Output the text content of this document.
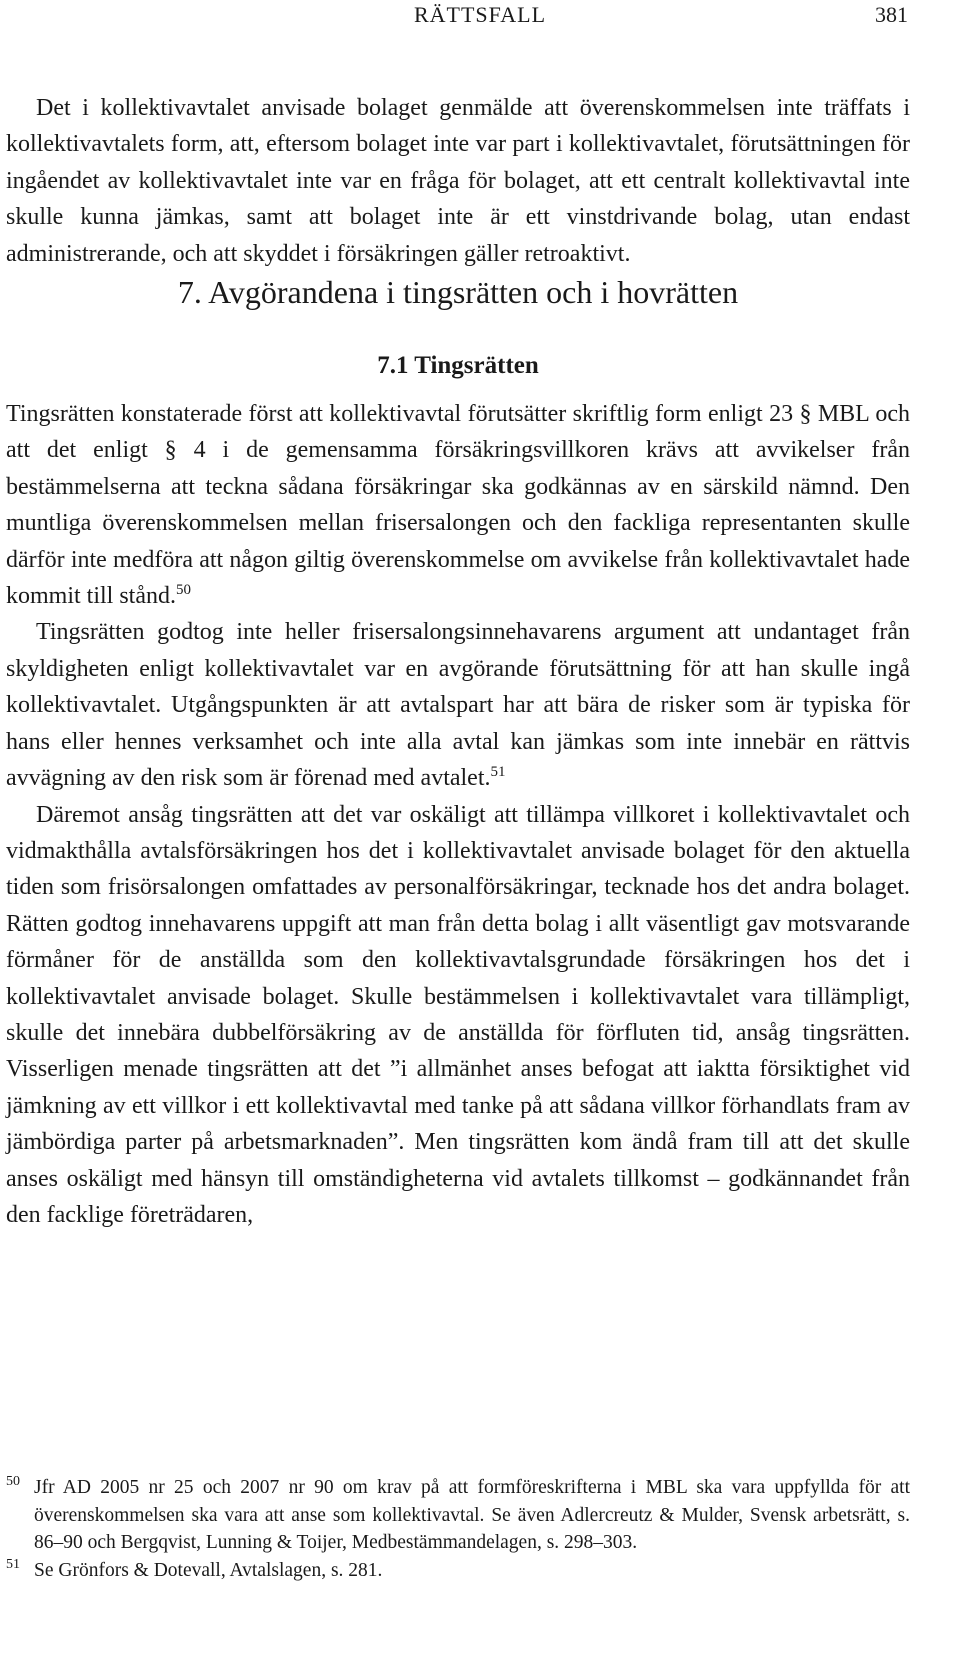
RÄTTSFALL	381

Det i kollektivavtalet anvisade bolaget genmälde att överenskommelsen inte träffats i kollektivavtalets form, att, eftersom bolaget inte var part i kollektivavtalet, förutsättningen för ingåendet av kollektivavtalet inte var en fråga för bolaget, att ett centralt kollektivavtal inte skulle kunna jämkas, samt att bolaget inte är ett vinstdrivande bolag, utan endast administrerande, och att skyddet i försäkringen gäller retroaktivt.

7. Avgörandena i tingsrätten och i hovrätten
7.1 Tingsrätten

Tingsrätten konstaterade först att kollektivavtal förutsätter skriftlig form enligt 23 § MBL och att det enligt § 4 i de gemensamma försäkringsvillkoren krävs att avvikelser från bestämmelserna att teckna sådana försäkringar ska godkännas av en särskild nämnd. Den muntliga överenskommelsen mellan frisersalongen och den fackliga representanten skulle därför inte medföra att någon giltig överenskommelse om avvikelse från kollektivavtalet hade kommit till stånd.$^{50}$

Tingsrätten godtog inte heller frisersalongsinnehavarens argument att undantaget från skyldigheten enligt kollektivavtalet var en avgörande förutsättning för att han skulle ingå kollektivavtalet. Utgångspunkten är att avtalspart har att bära de risker som är typiska för hans eller hennes verksamhet och inte alla avtal kan jämkas som inte innebär en rättvis avvägning av den risk som är förenad med avtalet.$^{51}$

Däremot ansåg tingsrätten att det var oskäligt att tillämpa villkoret i kollektivavtalet och vidmakthålla avtalsförsäkringen hos det i kollektivavtalet anvisade bolaget för den aktuella tiden som frisörsalongen omfattades av personalförsäkringar, tecknade hos det andra bolaget. Rätten godtog innehavarens uppgift att man från detta bolag i allt väsentligt gav motsvarande förmåner för de anställda som den kollektivavtalsgrundade försäkringen hos det i kollektivavtalet anvisade bolaget. Skulle bestämmelsen i kollektivavtalet vara tillämpligt, skulle det innebära dubbelförsäkring av de anställda för förfluten tid, ansåg tingsrätten. Visserligen menade tingsrätten att det ”i allmänhet anses befogat att iaktta försiktighet vid jämkning av ett villkor i ett kollektivavtal med tanke på att sådana villkor förhandlats fram av jämbördiga parter på arbetsmarknaden”. Men tingsrätten kom ändå fram till att det skulle anses oskäligt med hänsyn till omständigheterna vid avtalets tillkomst – godkännandet från den facklige företrädaren,

50 Jfr AD 2005 nr 25 och 2007 nr 90 om krav på att formföreskrifterna i MBL ska vara uppfyllda för att överenskommelsen ska vara att anse som kollektivavtal. Se även Adlercreutz & Mulder, Svensk arbetsrätt, s. 86–90 och Bergqvist, Lunning & Toijer, Medbestämmandelagen, s. 298–303.
51 Se Grönfors & Dotevall, Avtalslagen, s. 281.
